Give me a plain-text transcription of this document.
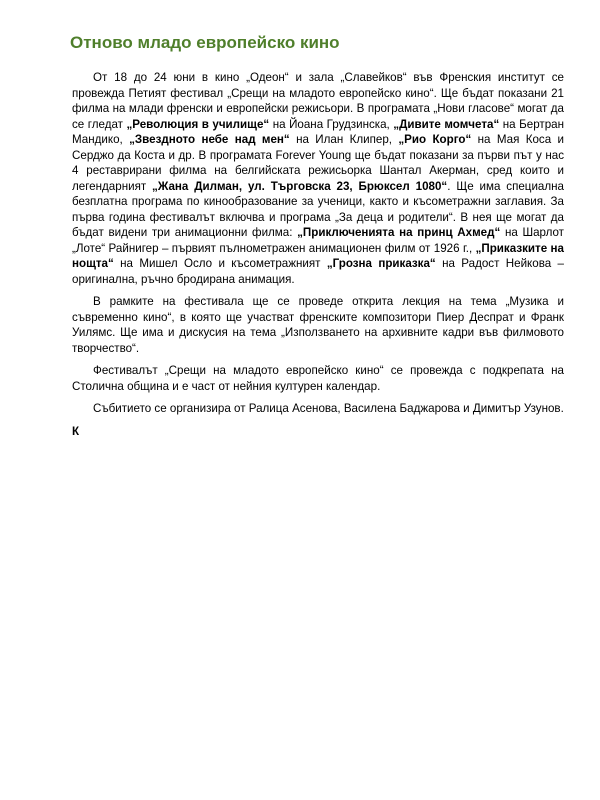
Отново младо европейско кино

От 18 до 24 юни в кино „Одеон“ и зала „Славейков“ във Френския институт се провежда Петият фестивал „Срещи на младото европейско кино“. Ще бъдат показани 21 филма на млади френски и европейски режисьори. В програмата „Нови гласове“ могат да се гледат „Революция в училище“ на Йоана Грудзинска, „Дивите момчета“ на Бертран Мандико, „Звездното небе над мен“ на Илан Клипер, „Рио Корго“ на Мая Коса и Серджо да Коста и др. В програмата Forever Young ще бъдат показани за първи път у нас 4 реставрирани филма на белгийската режисьорка Шантал Акерман, сред които и легендарният „Жана Дилман, ул. Търговска 23, Брюксел 1080“. Ще има специална безплатна програма по кинообразование за ученици, както и късометражни заглавия. За първа година фестивалът включва и програма „За деца и родители“. В нея ще могат да бъдат видени три анимационни филма: „Приключенията на принц Ахмед“ на Шарлот „Лоте“ Райнигер – първият пълнометражен анимационен филм от 1926 г., „Приказките на нощта“ на Мишел Осло и късометражният „Грозна приказка“ на Радост Нейкова – оригинална, ръчно бродирана анимация.

В рамките на фестивала ще се проведе открита лекция на тема „Музика и съвременно кино“, в която ще участват френските композитори Пиер Деспрат и Франк Уилямс. Ще има и дискусия на тема „Използването на архивните кадри във филмовото творчество“.

Фестивалът „Срещи на младото европейско кино“ се провежда с подкрепата на Столична община и е част от нейния културен календар.

Събитието се организира от Ралица Асенова, Василена Баджарова и Димитър Узунов.

К
